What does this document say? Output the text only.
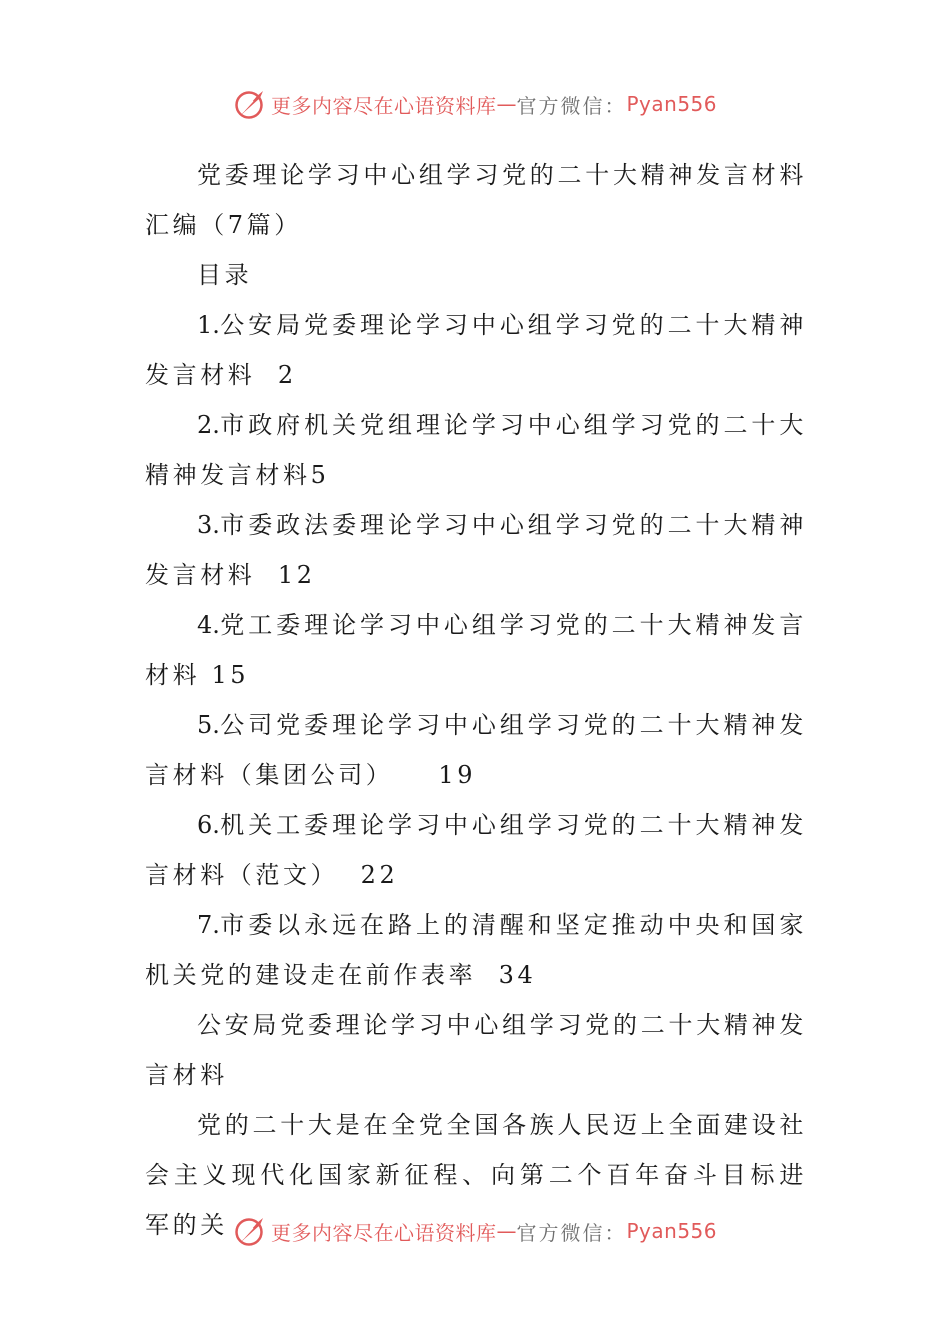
更多内容尽在心语资料库 — 官方微信： Pyan556

党委理论学习中心组学习党的二十大精神发言材料汇编（7篇）

目录

1.公安局党委理论学习中心组学习党的二十大精神发言材料 2

2.市政府机关党组理论学习中心组学习党的二十大精神发言材料5

3.市委政法委理论学习中心组学习党的二十大精神发言材料 12

4.党工委理论学习中心组学习党的二十大精神发言材料 15

5.公司党委理论学习中心组学习党的二十大精神发言材料（集团公司） 19

6.机关工委理论学习中心组学习党的二十大精神发言材料（范文） 22

7.市委以永远在路上的清醒和坚定推动中央和国家机关党的建设走在前作表率 34

公安局党委理论学习中心组学习党的二十大精神发言材料

党的二十大是在全党全国各族人民迈上全面建设社会主义现代化国家新征程、向第二个百年奋斗目标进军的关	更多内容尽在心语资料库 — 官方微信： Pyan556
